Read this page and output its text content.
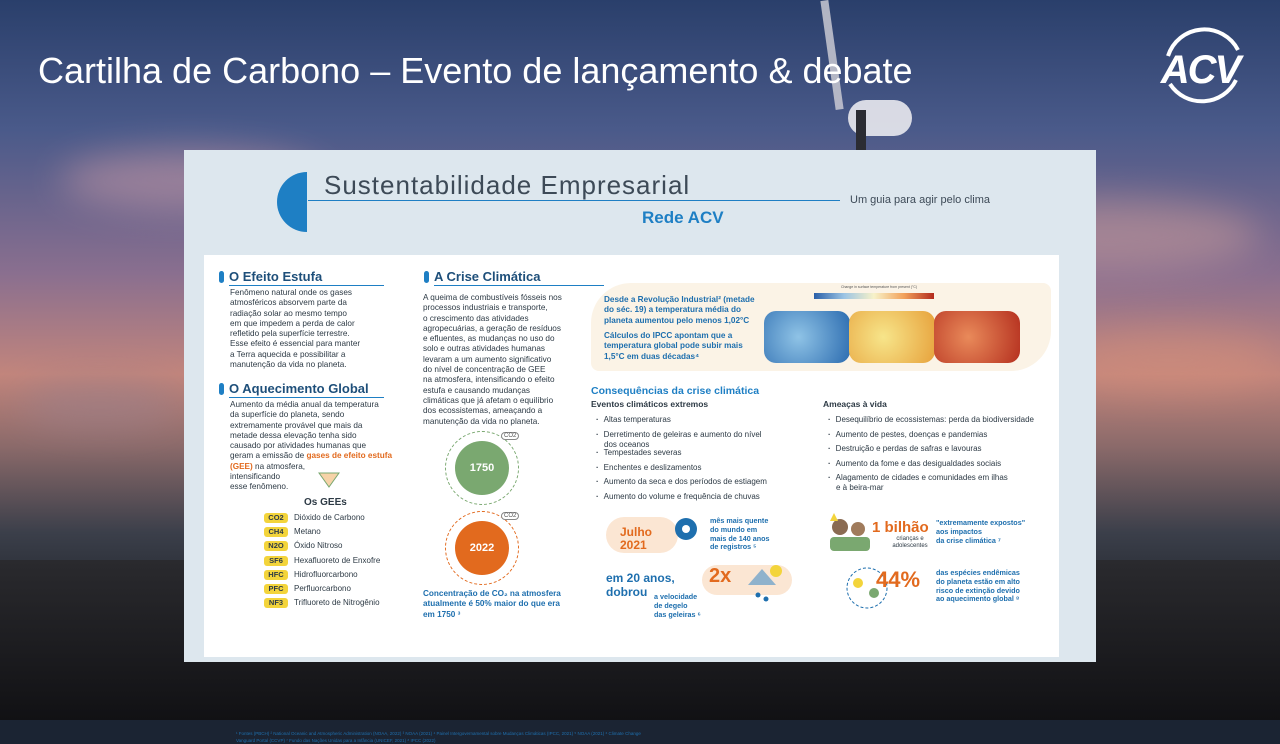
Cartilha de Carbono – Evento de lançamento & debate	ACV
Sustentabilidade Empresarial
Rede ACV
Um guia para agir pelo clima
O Efeito Estufa
Fenômeno natural onde os gases
atmosféricos absorvem parte da
radiação solar ao mesmo tempo
em que impedem a perda de calor
refletido pela superfície terrestre.
Esse efeito é essencial para manter
a Terra aquecida e possibilitar a
manutenção da vida no planeta.
O Aquecimento Global
Aumento da média anual da temperatura
da superfície do planeta, sendo
extremamente provável que mais da
metade dessa elevação tenha sido
causado por atividades humanas que
geram a emissão de gases de efeito estufa
(GEE) na atmosfera,
intensificando
esse fenômeno.
Os GEEs
CO2 Dióxido de Carbono
CH4 Metano
N2O Óxido Nitroso
SF6 Hexafluoreto de Enxofre
HFC Hidrofluorcarbono
PFC Perfluorcarbono
NF3 Trifluoreto de Nitrogênio
A Crise Climática
A queima de combustíveis fósseis nos
processos industriais e transporte,
o crescimento das atividades
agropecuárias, a geração de resíduos
e efluentes, as mudanças no uso do
solo e outras atividades humanas
levaram a um aumento significativo
do nível de concentração de GEE
na atmosfera, intensificando o efeito
estufa e causando mudanças
climáticas que já afetam o equilíbrio
dos ecossistemas, ameaçando a
manutenção da vida no planeta.
1750
CO2
2022
CO2
Concentração de CO₂ na atmosfera
atualmente é 50% maior do que era
em 1750 ³
Desde a Revolução Industrial² (metade
do séc. 19) a temperatura média do
planeta aumentou pelo menos 1,02°C
Cálculos do IPCC apontam que a
temperatura global pode subir mais
1,5°C em duas décadas⁴
Change in surface temperature from present (°C)
Consequências da crise climática
Eventos climáticos extremos
· Altas temperaturas
· Derretimento de geleiras e aumento do nível
dos oceanos
· Tempestades severas
· Enchentes e deslizamentos
· Aumento da seca e dos períodos de estiagem
· Aumento do volume e frequência de chuvas
Ameaças à vida
· Desequilíbrio de ecossistemas: perda da biodiversidade
· Aumento de pestes, doenças e pandemias
· Destruição e perdas de safras e lavouras
· Aumento da fome e das desigualdades sociais
· Alagamento de cidades e comunidades em ilhas
e à beira-mar
Julho
2021
mês mais quente
do mundo em
mais de 140 anos
de registros ⁵
em 20 anos,
dobrou
2x
a velocidade
de degelo
das geleiras ⁶
1 bilhão
crianças e
adolescentes
"extremamente expostos"
aos impactos
da crise climática ⁷
44% das espécies endêmicas
do planeta estão em alto
risco de extinção devido
ao aquecimento global ⁸
¹ Fontes (PBCH) ² National Oceanic and Atmospheric Administration (NOAA, 2022) ³ NOAA (2021) ⁴ Painel Intergovernamental sobre Mudanças Climáticas (IPCC, 2021) ⁵ NOAA (2021) ⁶ Climate Change Vanguard Portal (CCVP) ⁷ Fundo das Nações Unidas para a Infância (UNICEF, 2021) ⁸ IPCC (2022)
